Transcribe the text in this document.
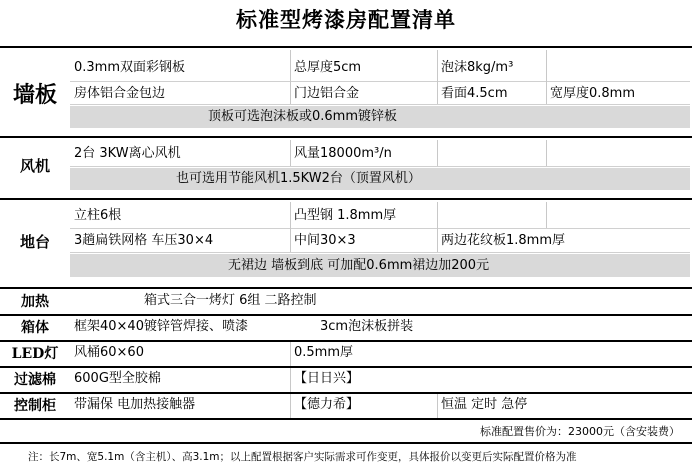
标准型烤漆房配置清单
墙板
0.3mm双面彩钢板	总厚度5cm	泡沫8kg/m³
房体铝合金包边	门边铝合金	看面4.5cm	宽厚度0.8mm
顶板可选泡沫板或0.6mm镀锌板
风机
2台 3KW离心风机	风量18000m³/n
也可选用节能风机1.5KW2台（顶置风机）
地台
立柱6根	凸型钢 1.8mm厚
3趟扁铁网格 车压30×4	中间30×3	两边花纹板1.8mm厚
无裙边 墙板到底 可加配0.6mm裙边加200元
加热	箱式三合一烤灯 6组 二路控制
箱体	框架40×40镀锌管焊接、喷漆	3cm泡沫板拼装
LED灯	风桶60×60	0.5mm厚
过滤棉	600G型全胶棉	【日日兴】
控制柜	带漏保 电加热接触器	【德力希】	恒温 定时 急停
标准配置售价为：23000元（含安装费）
注：长7m、宽5.1m（含主机）、高3.1m；以上配置根据客户实际需求可作变更，具体报价以变更后实际配置价格为准
